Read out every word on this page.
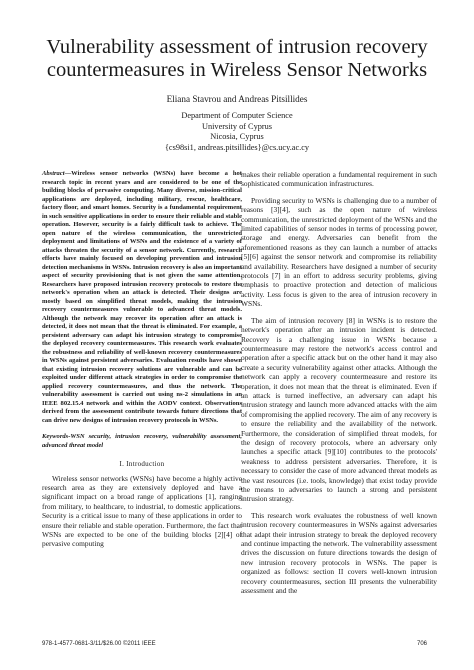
Vulnerability assessment of intrusion recovery
countermeasures in Wireless Sensor Networks
Eliana Stavrou and Andreas Pitsillides
Department of Computer Science
University of Cyprus
Nicosia, Cyprus
{cs98si1, andreas.pitsillides}@cs.ucy.ac.cy

Abstract—Wireless sensor networks (WSNs) have become a hot research topic in recent years and are considered to be one of the building blocks of pervasive computing. Many diverse, mission-critical applications are deployed, including military, rescue, healthcare, factory floor, and smart homes. Security is a fundamental requirement in such sensitive applications in order to ensure their reliable and stable operation. However, security is a fairly difficult task to achieve. The open nature of the wireless communication, the unrestricted deployment and limitations of WSNs and the existence of a variety of attacks threaten the security of a sensor network. Currently, research efforts have mainly focused on developing prevention and intrusion detection mechanisms in WSNs. Intrusion recovery is also an important aspect of security provisioning that is not given the same attention. Researchers have proposed intrusion recovery protocols to restore the network's operation when an attack is detected. Their designs are mostly based on simplified threat models, making the intrusion recovery countermeasures vulnerable to advanced threat models. Although the network may recover its operation after an attack is detected, it does not mean that the threat is eliminated. For example, a persistent adversary can adapt his intrusion strategy to compromise the deployed recovery countermeasures. This research work evaluates the robustness and reliability of well-known recovery countermeasures in WSNs against persistent adversaries. Evaluation results have shown that existing intrusion recovery solutions are vulnerable and can be exploited under different attack strategies in order to compromise the applied recovery countermeasures, and thus the network. The vulnerability assessment is carried out using ns-2 simulations in an IEEE 802.15.4 network and within the AODV context. Observations derived from the assessment contribute towards future directions that can drive new designs of intrusion recovery protocols in WSNs.

Keywords-WSN security, intrusion recovery, vulnerability assessment, advanced threat model

I. Introduction

Wireless sensor networks (WSNs) have become a highly active research area as they are extensively deployed and have a significant impact on a broad range of applications [1], ranging from military, to healthcare, to industrial, to domestic applications. Security is a critical issue to many of these applications in order to ensure their reliable and stable operation. Furthermore, the fact that WSNs are expected to be one of the building blocks [2][4] of pervasive computing

makes their reliable operation a fundamental requirement in such sophisticated communication infrastructures.

Providing security to WSNs is challenging due to a number of reasons [3][4], such as the open nature of wireless communication, the unrestricted deployment of the WSNs and the limited capabilities of sensor nodes in terms of processing power, storage and energy. Adversaries can benefit from the aforementioned reasons as they can launch a number of attacks [5][6] against the sensor network and compromise its reliability and availability. Researchers have designed a number of security protocols [7] in an effort to address security problems, giving emphasis to proactive protection and detection of malicious activity. Less focus is given to the area of intrusion recovery in WSNs.

The aim of intrusion recovery [8] in WSNs is to restore the network's operation after an intrusion incident is detected. Recovery is a challenging issue in WSNs because a countermeasure may restore the network's access control and operation after a specific attack but on the other hand it may also create a security vulnerability against other attacks. Although the network can apply a recovery countermeasure and restore its operation, it does not mean that the threat is eliminated. Even if an attack is turned ineffective, an adversary can adapt his intrusion strategy and launch more advanced attacks with the aim of compromising the applied recovery. The aim of any recovery is to ensure the reliability and the availability of the network. Furthermore, the consideration of simplified threat models, for the design of recovery protocols, where an adversary only launches a specific attack [9][10] contributes to the protocols' weakness to address persistent adversaries. Therefore, it is necessary to consider the case of more advanced threat models as the vast resources (i.e. tools, knowledge) that exist today provide the means to adversaries to launch a strong and persistent intrusion strategy.

This research work evaluates the robustness of well known intrusion recovery countermeasures in WSNs against adversaries that adapt their intrusion strategy to break the deployed recovery and continue impacting the network. The vulnerability assessment drives the discussion on future directions towards the design of new intrusion recovery protocols in WSNs. The paper is organized as follows: section II covers well-known intrusion recovery countermeasures, section III presents the vulnerability assessment and the

978-1-4577-0681-3/11/$26.00 ©2011 IEEE	706
